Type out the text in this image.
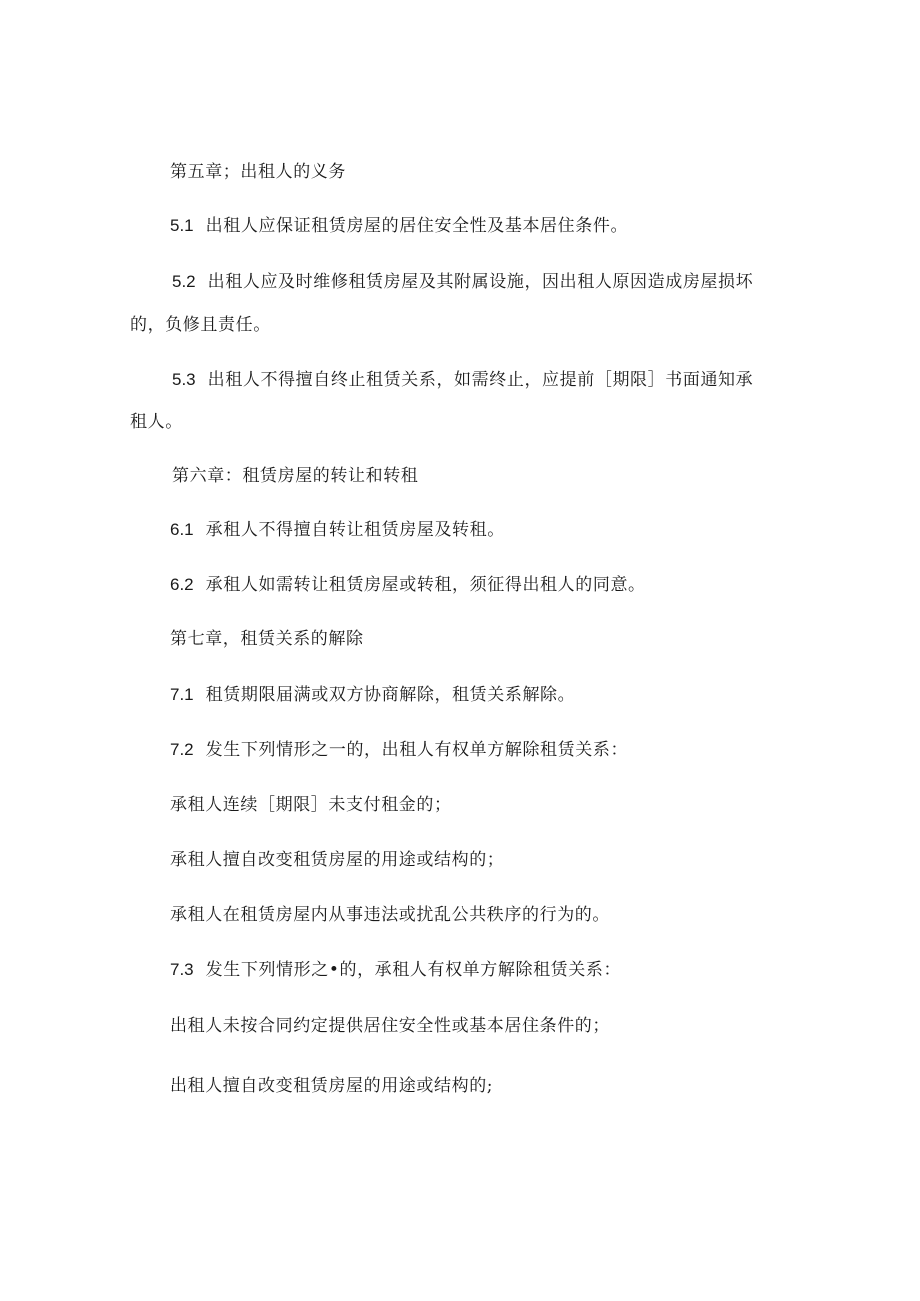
第五章；出租人的义务

5.1 出租人应保证租赁房屋的居住安全性及基本居住条件。

5.2 出租人应及时维修租赁房屋及其附属设施，因出租人原因造成房屋损坏

的，负修且责任。

5.3 出租人不得擅自终止租赁关系，如需终止，应提前［期限］书面通知承

租人。

第六章：租赁房屋的转让和转租

6.1 承租人不得擅自转让租赁房屋及转租。

6.2 承租人如需转让租赁房屋或转租，须征得出租人的同意。

第七章，租赁关系的解除

7.1 租赁期限届满或双方协商解除，租赁关系解除。

7.2 发生下列情形之一的，出租人有权单方解除租赁关系：

承租人连续［期限］未支付租金的；

承租人擅自改变租赁房屋的用途或结构的；

承租人在租赁房屋内从事违法或扰乱公共秩序的行为的。

7.3 发生下列情形之•的，承租人有权单方解除租赁关系：

出租人未按合同约定提供居住安全性或基本居住条件的；

出租人擅自改变租赁房屋的用途或结构的;
